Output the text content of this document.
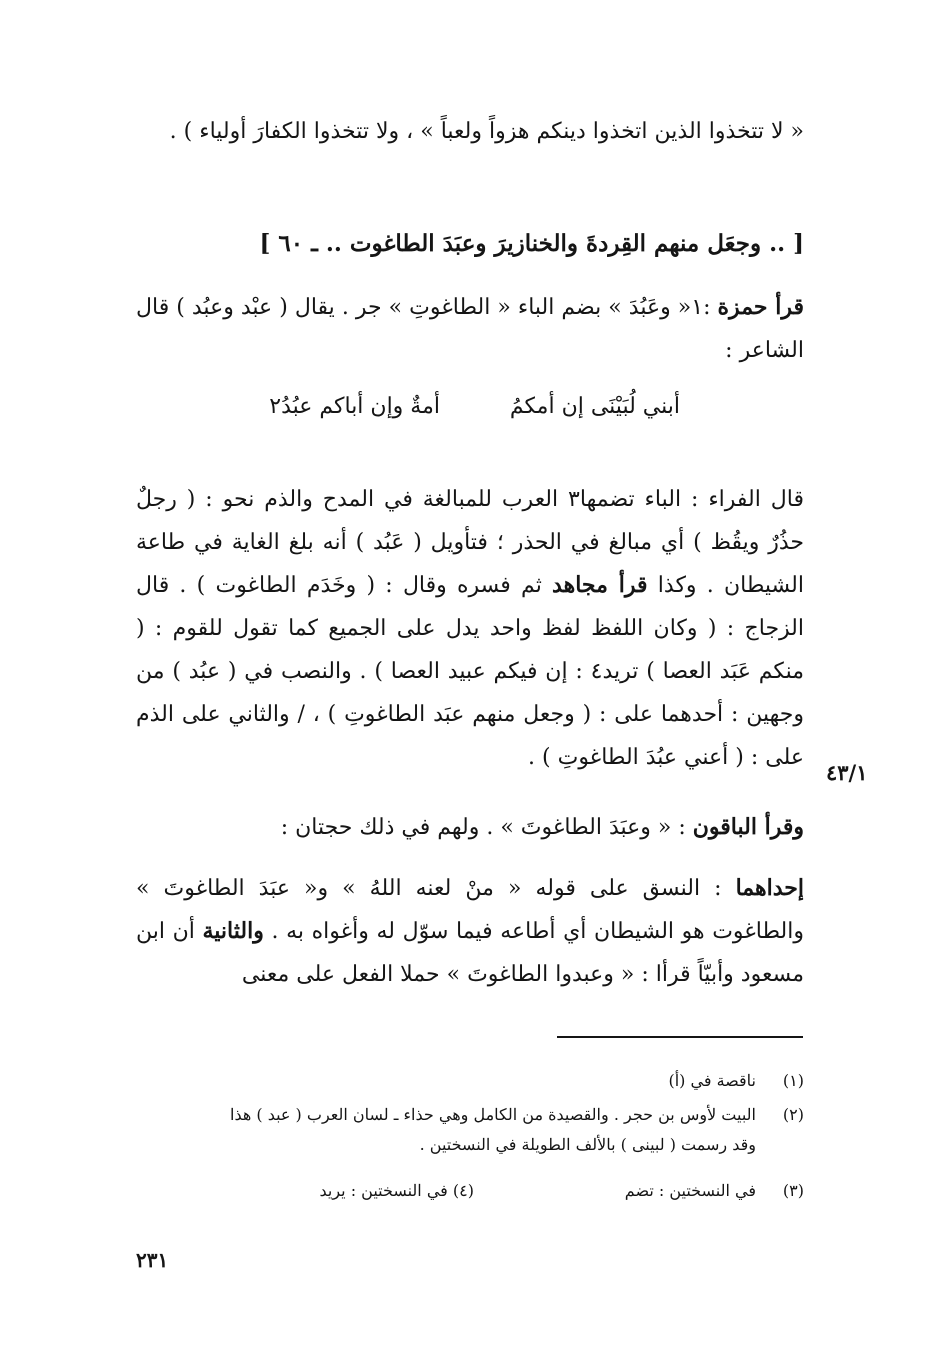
« لا تتخذوا الذين اتخذوا دينكم هزواً ولعباً » ، ولا تتخذوا الكفارَ أولياء ) .
[ .. وجعَل منهم القِردةَ والخنازيرَ وعبَدَ الطاغوت .. ـ ٦٠ ]
قرأ حمزة :١« وعَبُدَ » بضم الباء « الطاغوتِ » جر . يقال ( عبْد وعبُد ) قال الشاعر :
أبني لُبَيْنَى إن أمكمُ
أمةٌ وإن أباكم عبُدُ٢
قال الفراء : الباء تضمها٣ العرب للمبالغة في المدح والذم نحو : ( رجلٌ حذُرٌ ويقُظ ) أي مبالغ في الحذر ؛ فتأويل ( عَبُد ) أنه بلغ الغاية في طاعة الشيطان . وكذا قرأ مجاهد ثم فسره وقال : ( وخَدَم الطاغوت ) . قال الزجاج : ( وكان اللفظ لفظ واحد يدل على الجميع كما تقول للقوم : ( منكم عَبَد العصا ) تريد٤ : إن فيكم عبيد العصا ) . والنصب في ( عبُد ) من وجهين : أحدهما على : ( وجعل منهم عبَد الطاغوتِ ) ، / والثاني على الذم على : ( أعني عبُدَ الطاغوتِ ) .
٤٣/١
وقرأ الباقون : « وعبَدَ الطاغوتَ » . ولهم في ذلك حجتان :
إحداهما : النسق على قوله « منْ لعنه اللهُ » و« عبَدَ الطاغوتَ » والطاغوت هو الشيطان أي أطاعه فيما سوّل له وأغواه به . والثانية أن ابن مسعود وأبيّاً قرأا : « وعبدوا الطاغوتَ » حملا الفعل على معنى
(١)
ناقصة في (أ)
(٢)
البيت لأوس بن حجر . والقصيدة من الكامل وهي حذاء ـ لسان العرب ( عبد ) هذا
وقد رسمت ( لبينى ) بالألف الطويلة في النسختين .
(٣)
في النسختين : تضم
(٤) في النسختين : يريد
٢٣١
